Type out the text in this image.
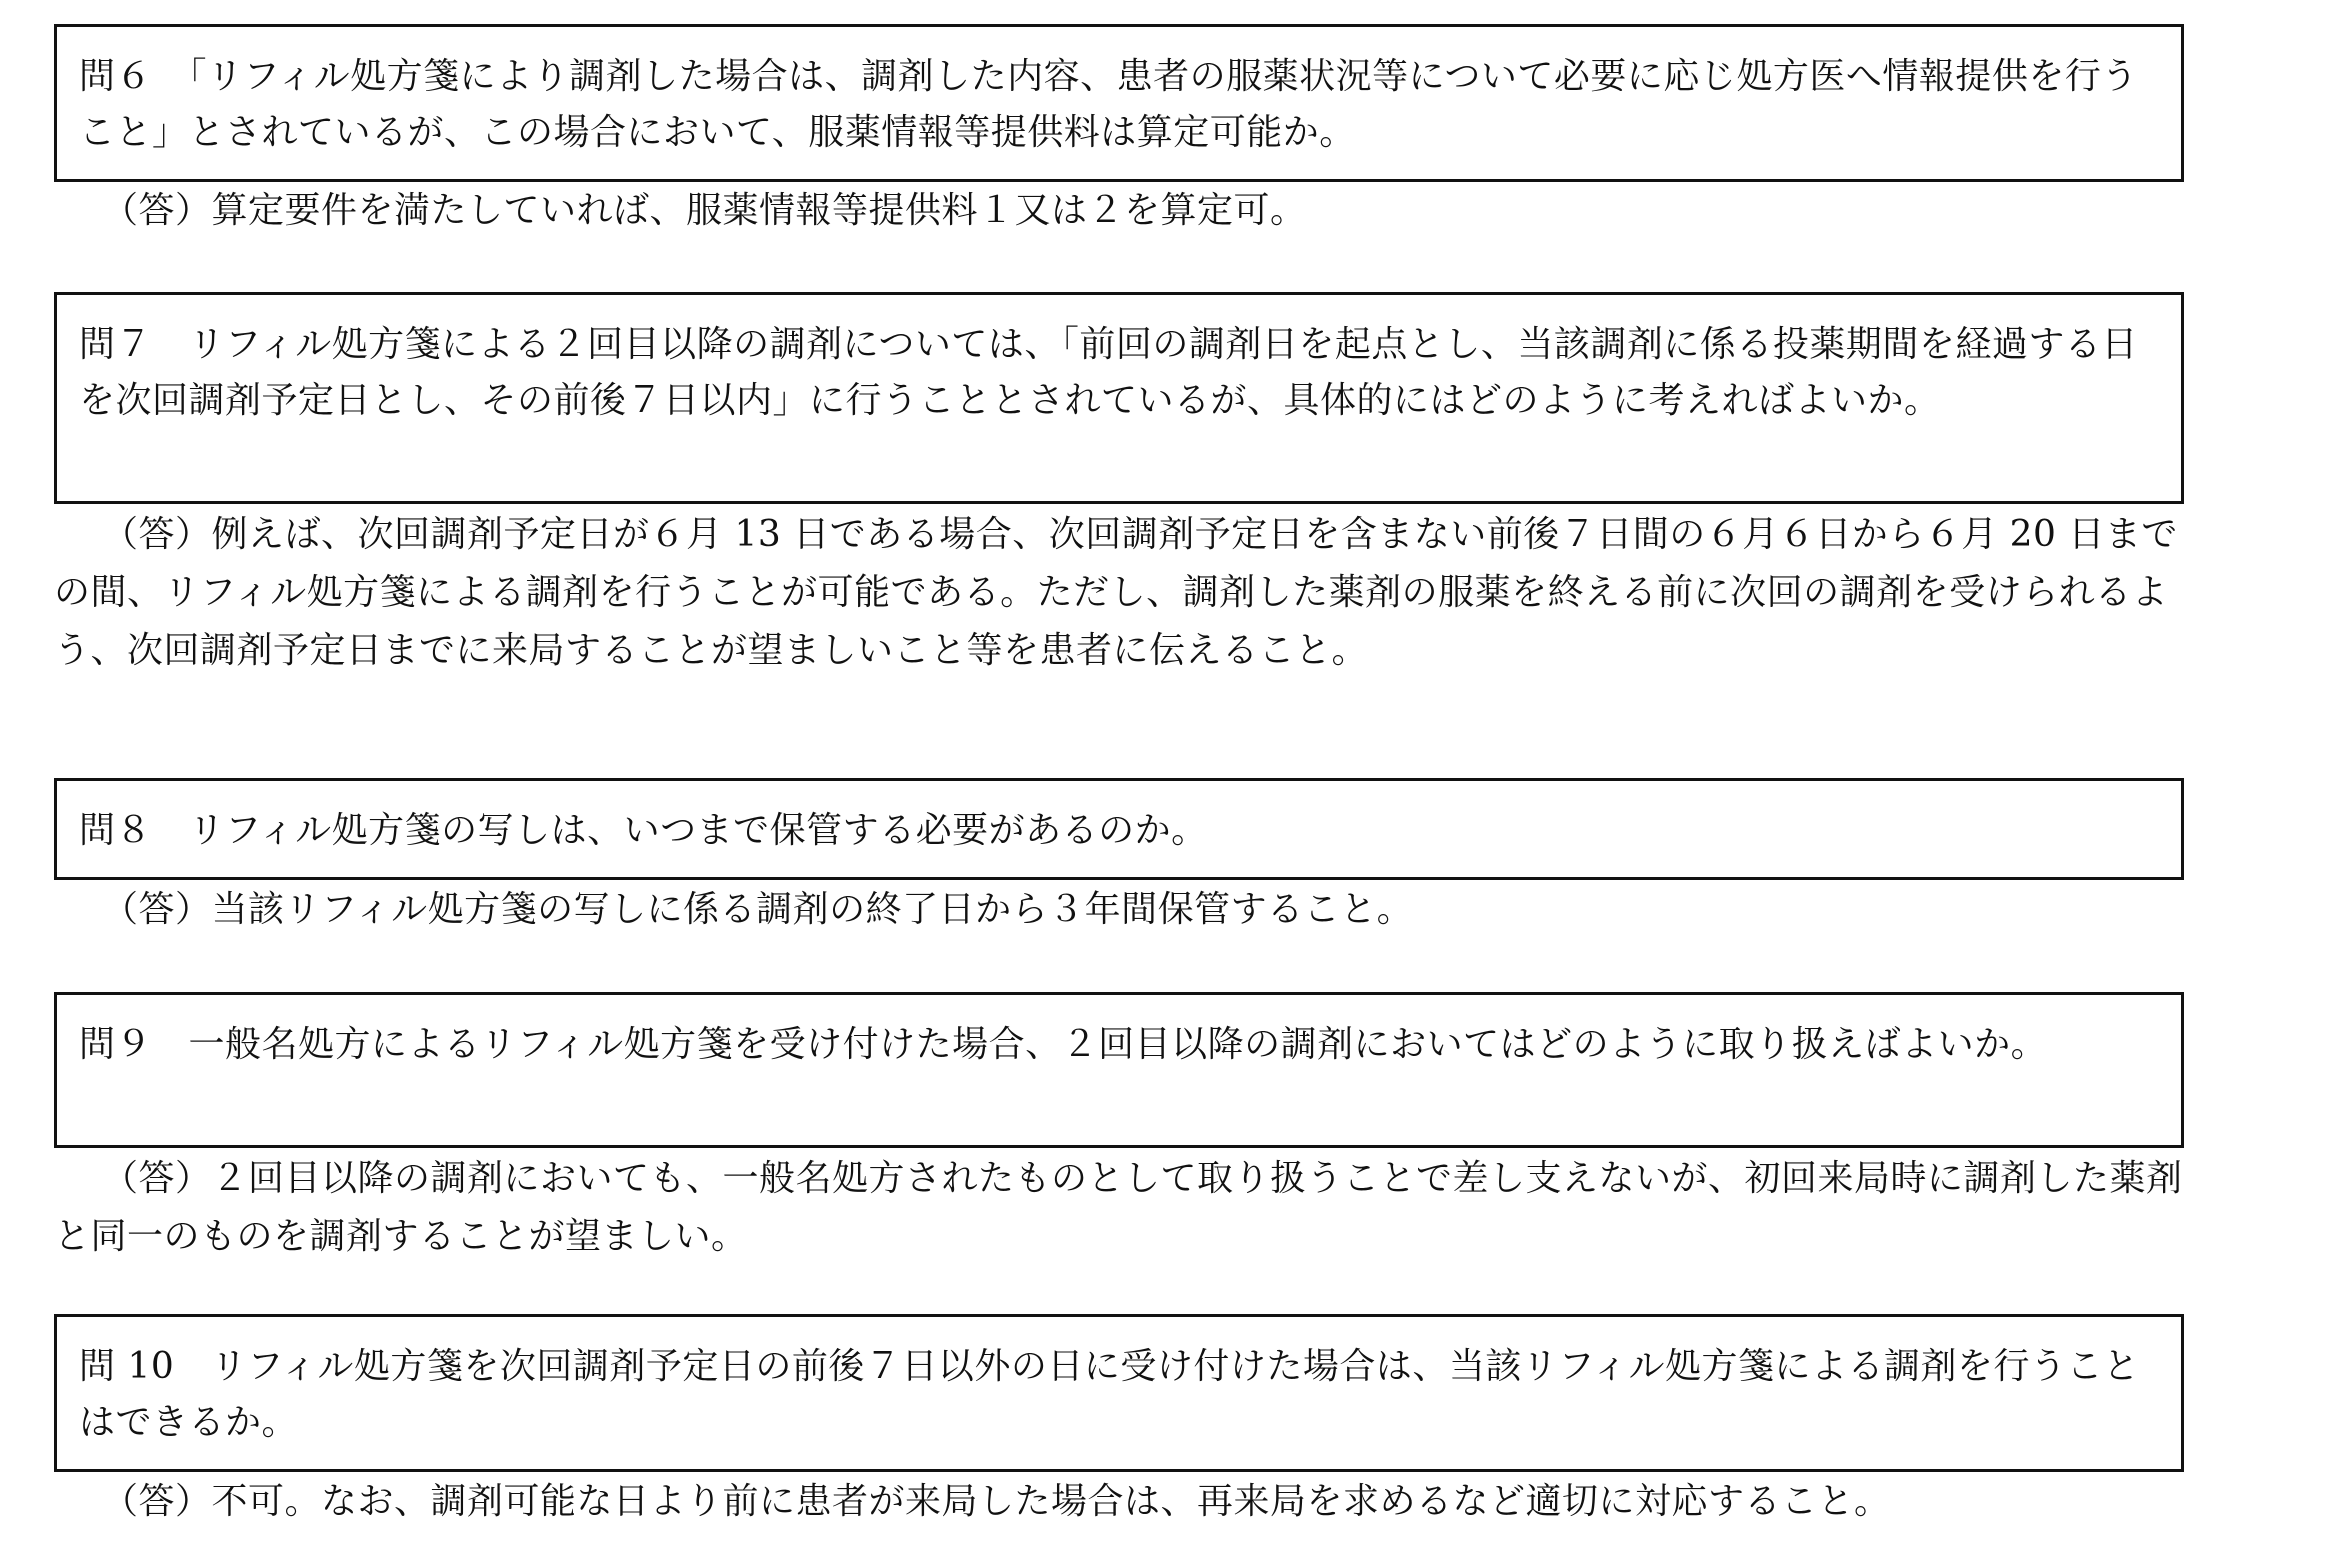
問６　「リフィル処方箋により調剤した場合は、調剤した内容、患者の服薬状況等について必要に応じ処方医へ情報提供を行うこと」とされているが、この場合において、服薬情報等提供料は算定可能か。

（答）算定要件を満たしていれば、服薬情報等提供料１又は２を算定可。

問７　リフィル処方箋による２回目以降の調剤については、「前回の調剤日を起点とし、当該調剤に係る投薬期間を経過する日を次回調剤予定日とし、その前後７日以内」に行うこととされているが、具体的にはどのように考えればよいか。

（答）例えば、次回調剤予定日が６月 13 日である場合、次回調剤予定日を含まない前後７日間の６月６日から６月 20 日までの間、リフィル処方箋による調剤を行うことが可能である。ただし、調剤した薬剤の服薬を終える前に次回の調剤を受けられるよう、次回調剤予定日までに来局することが望ましいこと等を患者に伝えること。

問８　リフィル処方箋の写しは、いつまで保管する必要があるのか。

（答）当該リフィル処方箋の写しに係る調剤の終了日から３年間保管すること。

問９　一般名処方によるリフィル処方箋を受け付けた場合、２回目以降の調剤においてはどのように取り扱えばよいか。

（答）２回目以降の調剤においても、一般名処方されたものとして取り扱うことで差し支えないが、初回来局時に調剤した薬剤と同一のものを調剤することが望ましい。

問 10　リフィル処方箋を次回調剤予定日の前後７日以外の日に受け付けた場合は、当該リフィル処方箋による調剤を行うことはできるか。

（答）不可。なお、調剤可能な日より前に患者が来局した場合は、再来局を求めるなど適切に対応すること。
